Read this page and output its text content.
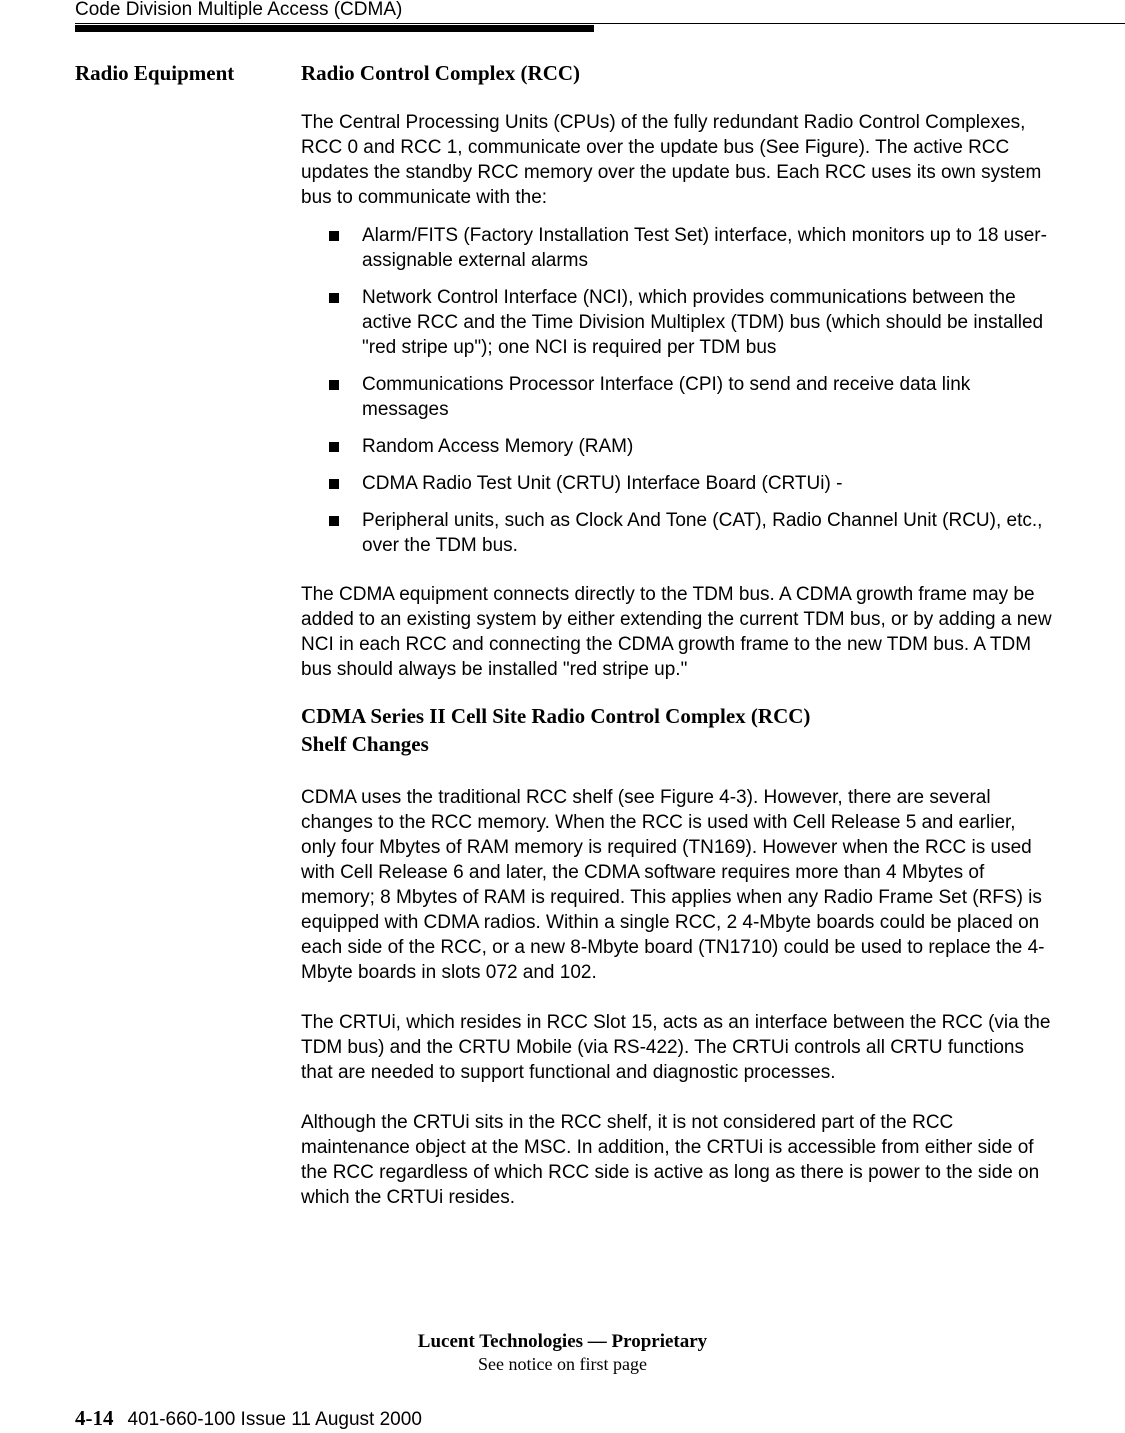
Code Division Multiple Access (CDMA)
Radio Equipment	Radio Control Complex (RCC)

The Central Processing Units (CPUs) of the fully redundant Radio Control Complexes, RCC 0 and RCC 1, communicate over the update bus (See Figure). The active RCC updates the standby RCC memory over the update bus. Each RCC uses its own system bus to communicate with the:

Alarm/FITS (Factory Installation Test Set) interface, which monitors up to 18 user-assignable external alarms
Network Control Interface (NCI), which provides communications between the active RCC and the Time Division Multiplex (TDM) bus (which should be installed "red stripe up"); one NCI is required per TDM bus
Communications Processor Interface (CPI) to send and receive data link messages
Random Access Memory (RAM)
CDMA Radio Test Unit (CRTU) Interface Board (CRTUi) -
Peripheral units, such as Clock And Tone (CAT), Radio Channel Unit (RCU), etc., over the TDM bus.

The CDMA equipment connects directly to the TDM bus. A CDMA growth frame may be added to an existing system by either extending the current TDM bus, or by adding a new NCI in each RCC and connecting the CDMA growth frame to the new TDM bus. A TDM bus should always be installed "red stripe up."

CDMA Series II Cell Site Radio Control Complex (RCC)
Shelf Changes

CDMA uses the traditional RCC shelf (see Figure 4-3). However, there are several changes to the RCC memory. When the RCC is used with Cell Release 5 and earlier, only four Mbytes of RAM memory is required (TN169). However when the RCC is used with Cell Release 6 and later, the CDMA software requires more than 4 Mbytes of memory; 8 Mbytes of RAM is required. This applies when any Radio Frame Set (RFS) is equipped with CDMA radios. Within a single RCC, 2 4-Mbyte boards could be placed on each side of the RCC, or a new 8-Mbyte board (TN1710) could be used to replace the 4-Mbyte boards in slots 072 and 102.

The CRTUi, which resides in RCC Slot 15, acts as an interface between the RCC (via the TDM bus) and the CRTU Mobile (via RS-422). The CRTUi controls all CRTU functions that are needed to support functional and diagnostic processes.

Although the CRTUi sits in the RCC shelf, it is not considered part of the RCC maintenance object at the MSC. In addition, the CRTUi is accessible from either side of the RCC regardless of which RCC side is active as long as there is power to the side on which the CRTUi resides.

Lucent Technologies — Proprietary
See notice on first page
4-14 401-660-100 Issue 11 August 2000
